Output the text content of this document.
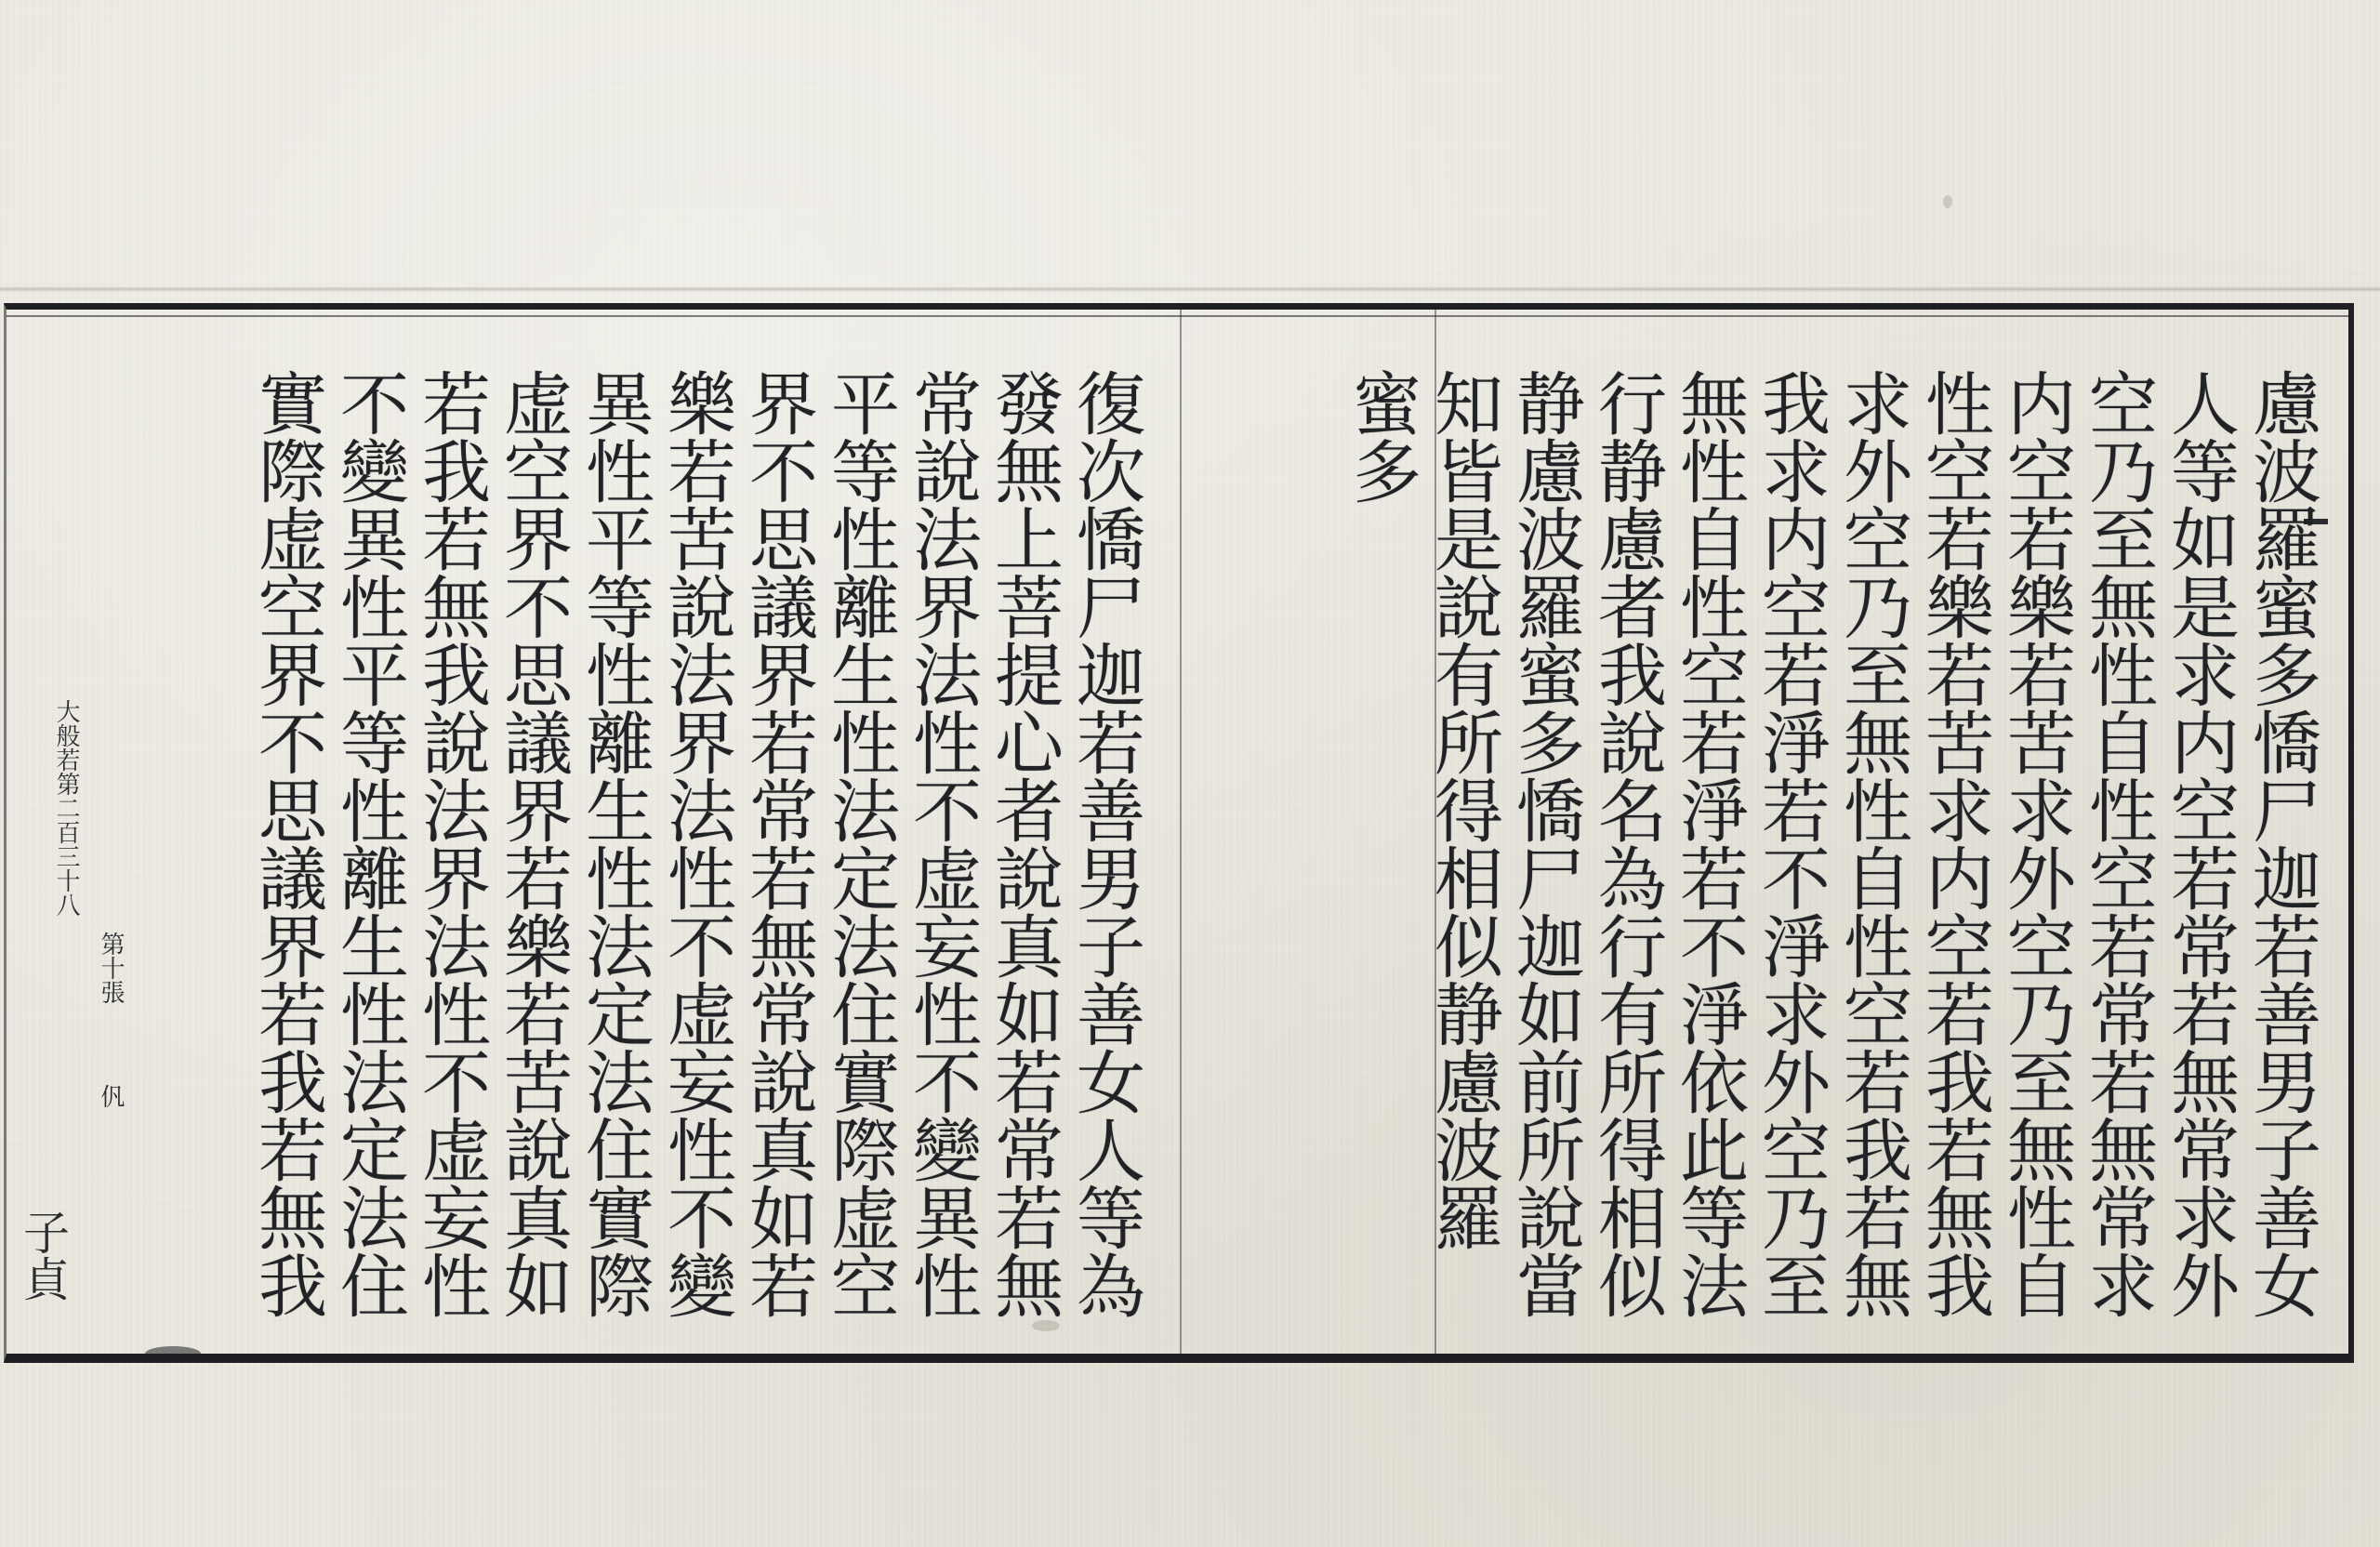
慮波羅蜜多憍尸迦若善男子善女
人等如是求内空若常若無常求外
空乃至無性自性空若常若無常求
内空若樂若苦求外空乃至無性自
性空若樂若苦求内空若我若無我
求外空乃至無性自性空若我若無
我求内空若淨若不淨求外空乃至
無性自性空若淨若不淨依此等法
行静慮者我說名為行有所得相似
静慮波羅蜜多憍尸迦如前所說當
知皆是說有所得相似静慮波羅
蜜多
復次憍尸迦若善男子善女人等為
發無上菩提心者說真如若常若無
常說法界法性不虚妄性不變異性
平等性離生性法定法住實際虚空
界不思議界若常若無常說真如若
樂若苦說法界法性不虚妄性不變
異性平等性離生性法定法住實際
虚空界不思議界若樂若苦說真如
若我若無我說法界法性不虚妄性
不變異性平等性離生性法定法住
實際虚空界不思議界若我若無我
大般若第二百三十八
第十張
𠆩
子貞
